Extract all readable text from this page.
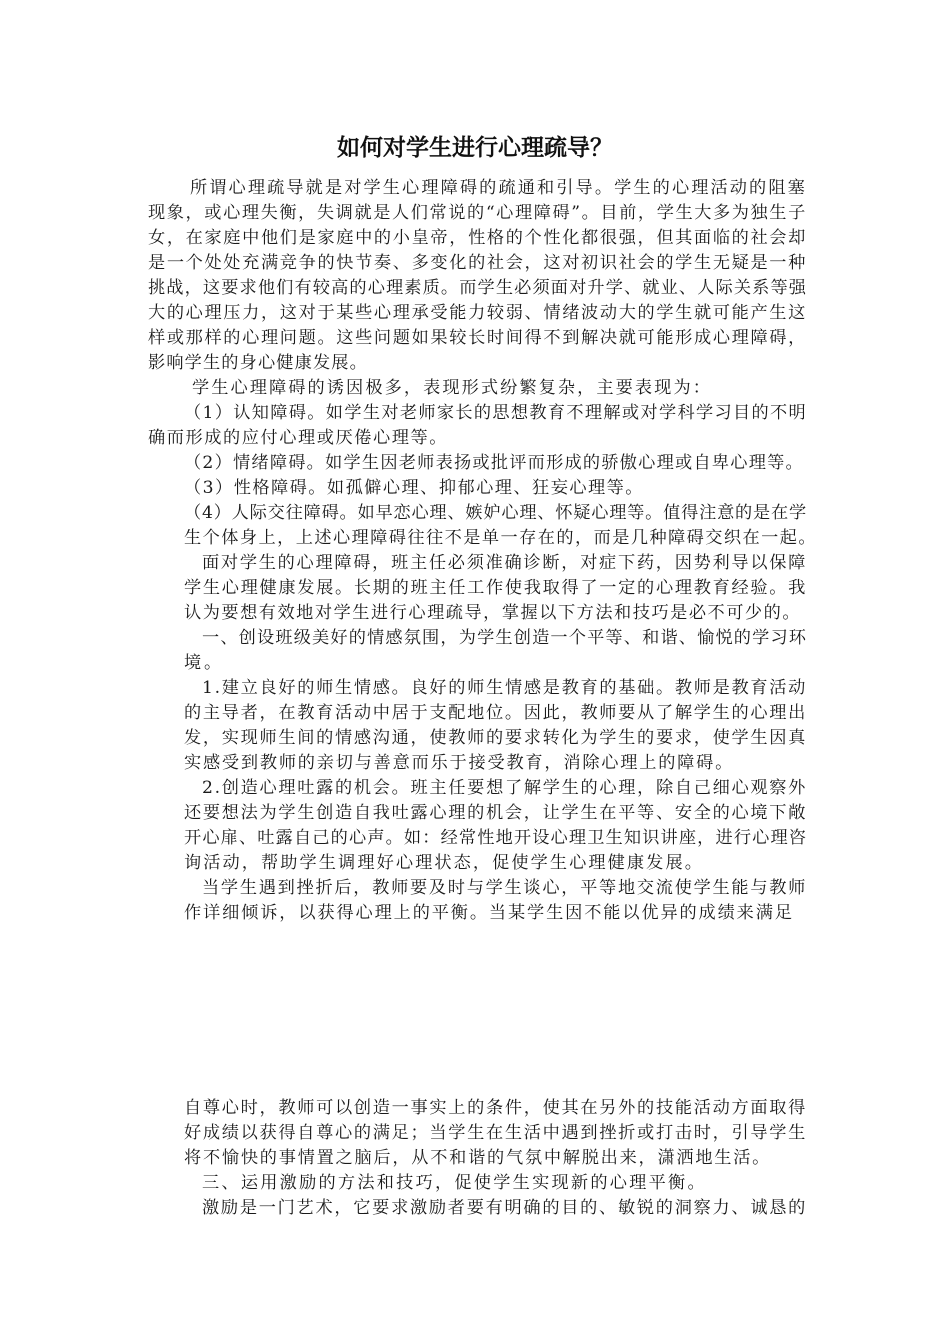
如何对学生进行心理疏导？
所谓心理疏导就是对学生心理障碍的疏通和引导。学生的心理活动的阻塞
现象，或心理失衡，失调就是人们常说的“心理障碍”。目前，学生大多为独生子
女，在家庭中他们是家庭中的小皇帝，性格的个性化都很强，但其面临的社会却
是一个处处充满竞争的快节奏、多变化的社会，这对初识社会的学生无疑是一种
挑战，这要求他们有较高的心理素质。而学生必须面对升学、就业、人际关系等强
大的心理压力，这对于某些心理承受能力较弱、情绪波动大的学生就可能产生这
样或那样的心理问题。这些问题如果较长时间得不到解决就可能形成心理障碍，
影响学生的身心健康发展。
学生心理障碍的诱因极多，表现形式纷繁复杂，主要表现为：
（1）认知障碍。如学生对老师家长的思想教育不理解或对学科学习目的不明
确而形成的应付心理或厌倦心理等。
（2）情绪障碍。如学生因老师表扬或批评而形成的骄傲心理或自卑心理等。
（3）性格障碍。如孤僻心理、抑郁心理、狂妄心理等。
（4）人际交往障碍。如早恋心理、嫉妒心理、怀疑心理等。值得注意的是在学
生个体身上，上述心理障碍往往不是单一存在的，而是几种障碍交织在一起。
面对学生的心理障碍，班主任必须准确诊断，对症下药，因势利导以保障
学生心理健康发展。长期的班主任工作使我取得了一定的心理教育经验。我
认为要想有效地对学生进行心理疏导，掌握以下方法和技巧是必不可少的。
一、创设班级美好的情感氛围，为学生创造一个平等、和谐、愉悦的学习环
境。
1.建立良好的师生情感。良好的师生情感是教育的基础。教师是教育活动
的主导者，在教育活动中居于支配地位。因此，教师要从了解学生的心理出
发，实现师生间的情感沟通，使教师的要求转化为学生的要求，使学生因真
实感受到教师的亲切与善意而乐于接受教育，消除心理上的障碍。
2.创造心理吐露的机会。班主任要想了解学生的心理，除自己细心观察外
还要想法为学生创造自我吐露心理的机会，让学生在平等、安全的心境下敞
开心扉、吐露自己的心声。如：经常性地开设心理卫生知识讲座，进行心理咨
询活动，帮助学生调理好心理状态，促使学生心理健康发展。
当学生遇到挫折后，教师要及时与学生谈心，平等地交流使学生能与教师
作详细倾诉，以获得心理上的平衡。当某学生因不能以优异的成绩来满足
自尊心时，教师可以创造一事实上的条件，使其在另外的技能活动方面取得
好成绩以获得自尊心的满足；当学生在生活中遇到挫折或打击时，引导学生
将不愉快的事情置之脑后，从不和谐的气氛中解脱出来，潇洒地生活。
三、运用激励的方法和技巧，促使学生实现新的心理平衡。
激励是一门艺术，它要求激励者要有明确的目的、敏锐的洞察力、诚恳的
